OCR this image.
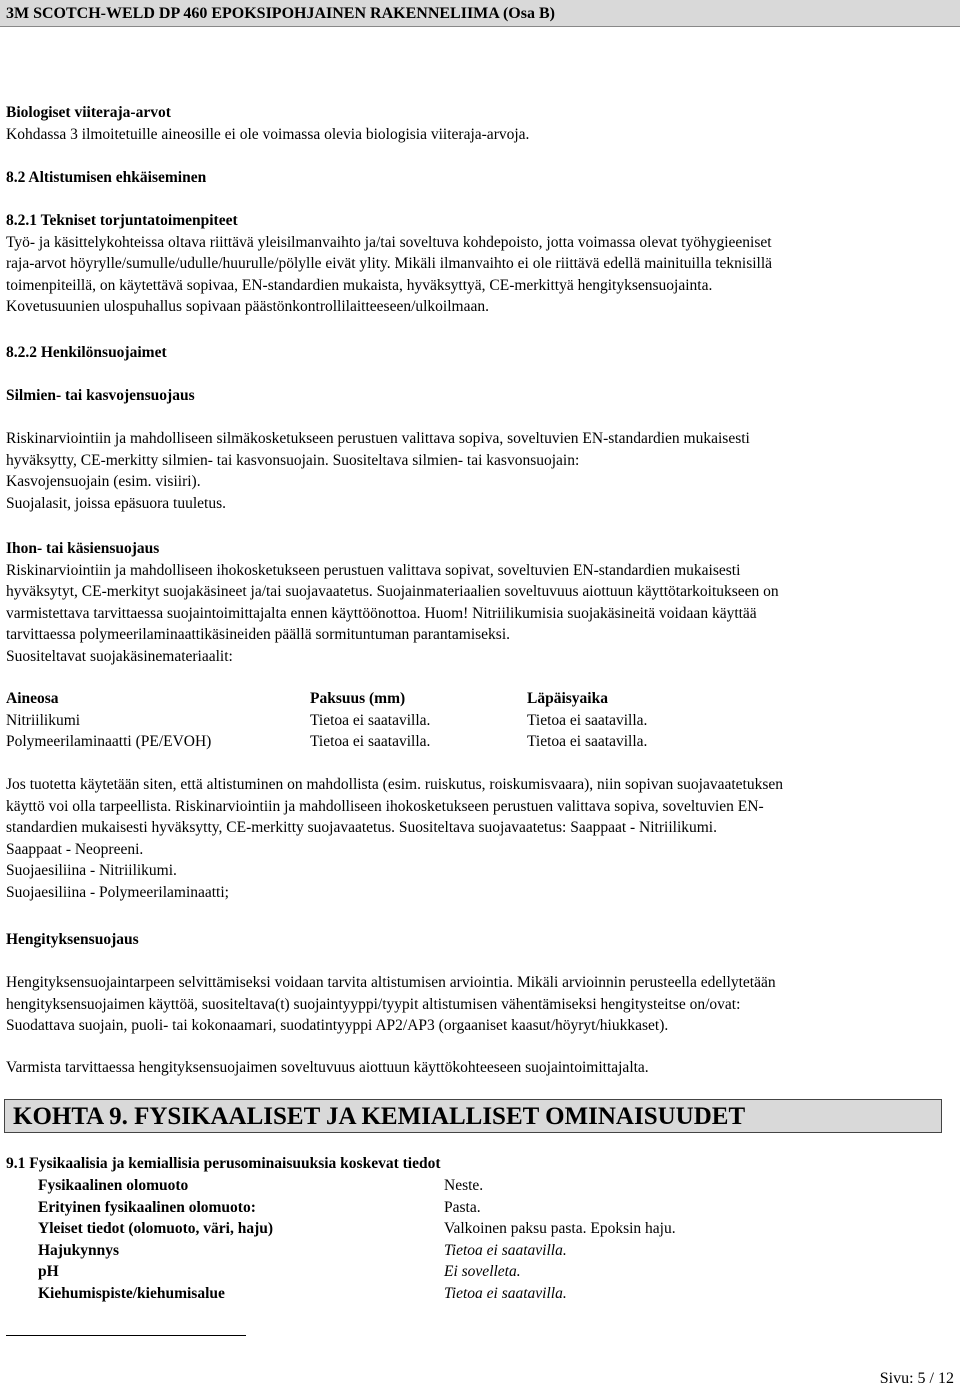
3M SCOTCH-WELD DP 460 EPOKSIPOHJAINEN RAKENNELIIMA (Osa B)

Biologiset viiteraja-arvot

Kohdassa 3 ilmoitetuille aineosille ei ole voimassa olevia biologisia viiteraja-arvoja.

8.2 Altistumisen ehkäiseminen

8.2.1 Tekniset torjuntatoimenpiteet

Työ- ja käsittelykohteissa oltava riittävä yleisilmanvaihto ja/tai soveltuva kohdepoisto, jotta voimassa olevat työhygieeniset

raja-arvot höyrylle/sumulle/udulle/huurulle/pölylle eivät ylity. Mikäli ilmanvaihto ei ole riittävä edellä mainituilla teknisillä

toimenpiteillä, on käytettävä sopivaa, EN-standardien mukaista, hyväksyttyä, CE-merkittyä hengityksensuojainta.

Kovetusuunien ulospuhallus sopivaan päästönkontrollilaitteeseen/ulkoilmaan.

8.2.2 Henkilönsuojaimet

Silmien- tai kasvojensuojaus

Riskinarviointiin ja mahdolliseen silmäkosketukseen perustuen valittava sopiva, soveltuvien EN-standardien mukaisesti

hyväksytty, CE-merkitty silmien- tai kasvonsuojain. Suositeltava silmien- tai kasvonsuojain:

Kasvojensuojain (esim. visiiri).

Suojalasit, joissa epäsuora tuuletus.

Ihon- tai käsiensuojaus

Riskinarviointiin ja mahdolliseen ihokosketukseen perustuen valittava sopivat, soveltuvien EN-standardien mukaisesti

hyväksytyt, CE-merkityt suojakäsineet ja/tai suojavaatetus. Suojainmateriaalien soveltuvuus aiottuun käyttötarkoitukseen on

varmistettava tarvittaessa suojaintoimittajalta ennen käyttöönottoa. Huom! Nitriilikumisia suojakäsineitä voidaan käyttää

tarvittaessa polymeerilaminaattikäsineiden päällä sormituntuman parantamiseksi.

Suositeltavat suojakäsinemateriaalit:

Aineosa	Paksuus (mm)	Läpäisyaika
Nitriilikumi	Tietoa ei saatavilla.	Tietoa ei saatavilla.
Polymeerilaminaatti (PE/EVOH)	Tietoa ei saatavilla.	Tietoa ei saatavilla.

Jos tuotetta käytetään siten, että altistuminen on mahdollista (esim. ruiskutus, roiskumisvaara), niin sopivan suojavaatetuksen

käyttö voi olla tarpeellista. Riskinarviointiin ja mahdolliseen ihokosketukseen perustuen valittava sopiva, soveltuvien EN-

standardien mukaisesti hyväksytty, CE-merkitty suojavaatetus. Suositeltava suojavaatetus: Saappaat - Nitriilikumi.

Saappaat - Neopreeni.

Suojaesiliina - Nitriilikumi.

Suojaesiliina - Polymeerilaminaatti;

Hengityksensuojaus

Hengityksensuojaintarpeen selvittämiseksi voidaan tarvita altistumisen arviointia. Mikäli arvioinnin perusteella edellytetään

hengityksensuojaimen käyttöä, suositeltava(t) suojaintyyppi/tyypit altistumisen vähentämiseksi hengitysteitse on/ovat:

Suodattava suojain, puoli- tai kokonaamari, suodatintyyppi AP2/AP3 (orgaaniset kaasut/höyryt/hiukkaset).

Varmista tarvittaessa hengityksensuojaimen soveltuvuus aiottuun käyttökohteeseen suojaintoimittajalta.

KOHTA 9. FYSIKAALISET JA KEMIALLISET OMINAISUUDET

9.1 Fysikaalisia ja kemiallisia perusominaisuuksia koskevat tiedot

Fysikaalinen olomuoto	Neste.
Erityinen fysikaalinen olomuoto:	Pasta.
Yleiset tiedot (olomuoto, väri, haju)	Valkoinen paksu pasta. Epoksin haju.
Hajukynnys	Tietoa ei saatavilla.
pH	Ei sovelleta.
Kiehumispiste/kiehumisalue	Tietoa ei saatavilla.
Sivu: 5 / 12
